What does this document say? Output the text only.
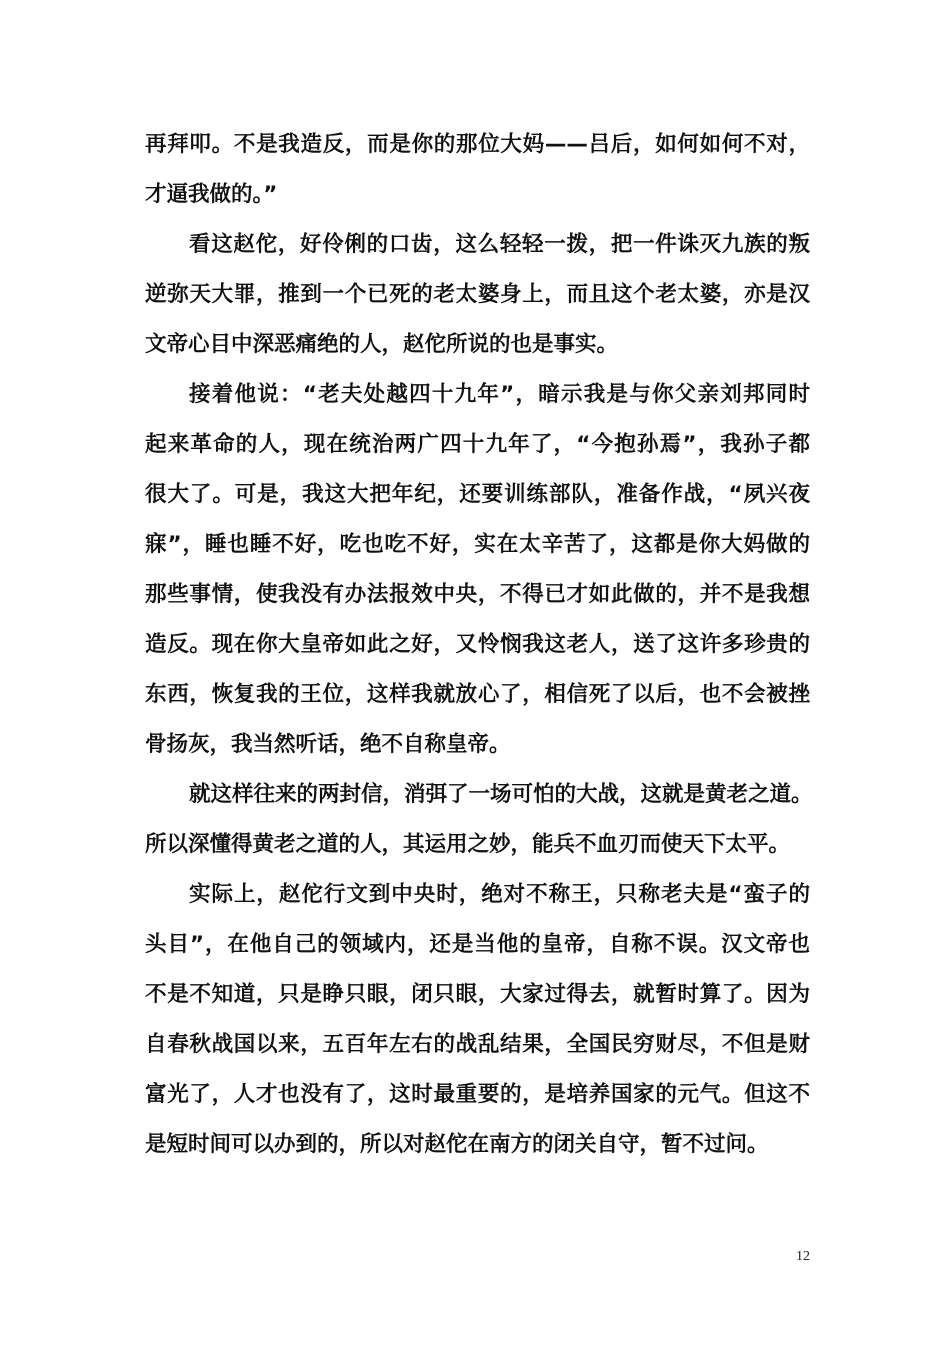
再拜叩。不是我造反，而是你的那位大妈——吕后，如何如何不对，
才逼我做的。”
看这赵佗，好伶俐的口齿，这么轻轻一拨，把一件诛灭九族的叛
逆弥天大罪，推到一个已死的老太婆身上，而且这个老太婆，亦是汉
文帝心目中深恶痛绝的人，赵佗所说的也是事实。
接着他说：“老夫处越四十九年”，暗示我是与你父亲刘邦同时
起来革命的人，现在统治两广四十九年了，“今抱孙焉”，我孙子都
很大了。可是，我这大把年纪，还要训练部队，准备作战，“夙兴夜
寐”，睡也睡不好，吃也吃不好，实在太辛苦了，这都是你大妈做的
那些事情，使我没有办法报效中央，不得已才如此做的，并不是我想
造反。现在你大皇帝如此之好，又怜悯我这老人，送了这许多珍贵的
东西，恢复我的王位，这样我就放心了，相信死了以后，也不会被挫
骨扬灰，我当然听话，绝不自称皇帝。
就这样往来的两封信，消弭了一场可怕的大战，这就是黄老之道。
所以深懂得黄老之道的人，其运用之妙，能兵不血刃而使天下太平。
实际上，赵佗行文到中央时，绝对不称王，只称老夫是“蛮子的
头目”，在他自己的领域内，还是当他的皇帝，自称不误。汉文帝也
不是不知道，只是睁只眼，闭只眼，大家过得去，就暂时算了。因为
自春秋战国以来，五百年左右的战乱结果，全国民穷财尽，不但是财
富光了，人才也没有了，这时最重要的，是培养国家的元气。但这不
是短时间可以办到的，所以对赵佗在南方的闭关自守，暂不过问。
12
